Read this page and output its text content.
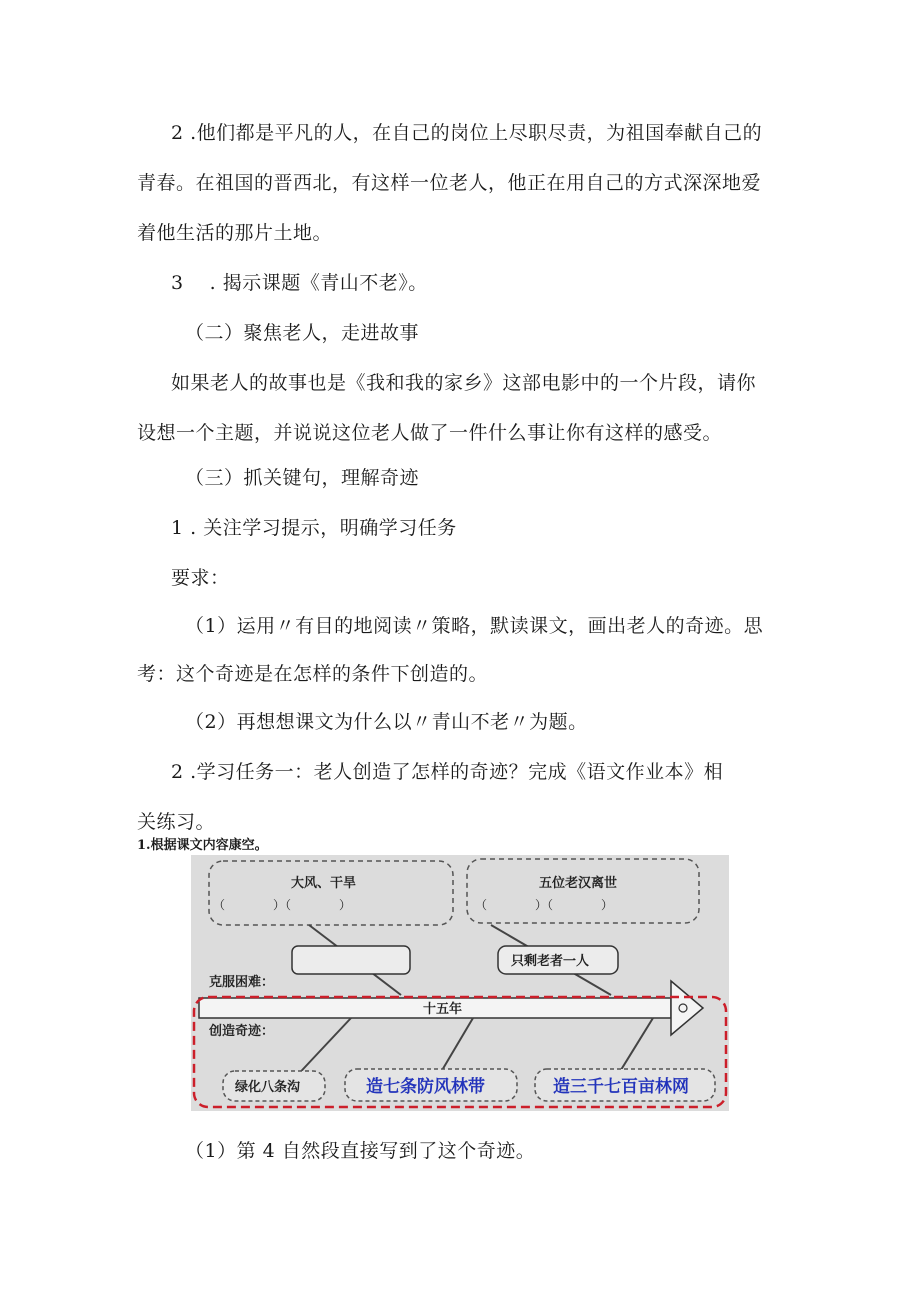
2 .他们都是平凡的人，在自己的岗位上尽职尽责，为祖国奉献自己的
青春。在祖国的晋西北，有这样一位老人，他正在用自己的方式深深地爱
着他生活的那片土地。
3　 . 揭示课题《青山不老》。
（二）聚焦老人，走进故事
如果老人的故事也是《我和我的家乡》这部电影中的一个片段，请你
设想一个主题，并说说这位老人做了一件什么事让你有这样的感受。
（三）抓关键句，理解奇迹
1 . 关注学习提示，明确学习任务
要求：
（1）运用〃有目的地阅读〃策略，默读课文，画出老人的奇迹。思
考：这个奇迹是在怎样的条件下创造的。
（2）再想想课文为什么以〃青山不老〃为题。
2 .学习任务一：老人创造了怎样的奇迹？完成《语文作业本》相
关练习。
1.根据课文内容康空。
大风、干旱
（　　　　）（　　　　）
五位老汉离世
（　　　　）（　　　　）
只剩老者一人
克服困难：
创造奇迹：
十五年
绿化八条沟	造七条防风林带	造三千七百亩林网
（1）第 4 自然段直接写到了这个奇迹。
